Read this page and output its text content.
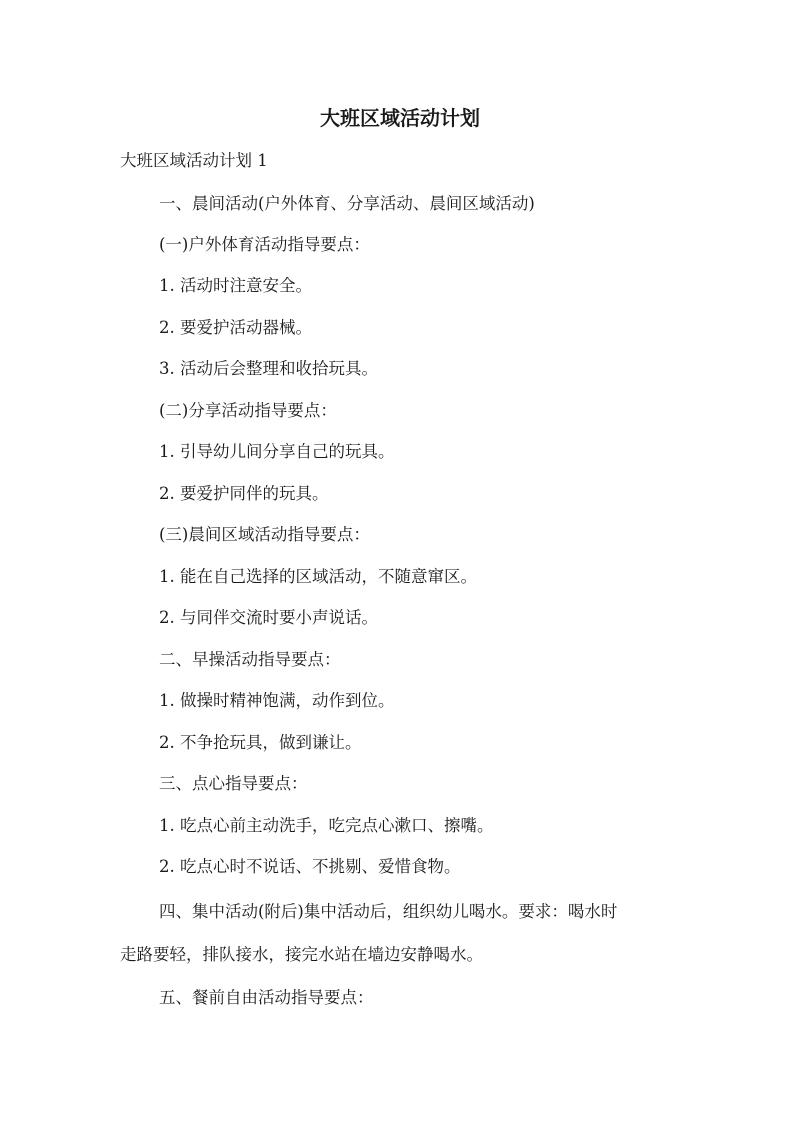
大班区域活动计划

大班区域活动计划 1

一、晨间活动(户外体育、分享活动、晨间区域活动)

(一)户外体育活动指导要点：

1. 活动时注意安全。

2. 要爱护活动器械。

3. 活动后会整理和收拾玩具。

(二)分享活动指导要点：

1. 引导幼儿间分享自己的玩具。

2. 要爱护同伴的玩具。

(三)晨间区域活动指导要点：

1. 能在自己选择的区域活动，不随意窜区。

2. 与同伴交流时要小声说话。

二、早操活动指导要点：

1. 做操时精神饱满，动作到位。

2. 不争抢玩具，做到谦让。

三、点心指导要点：

1. 吃点心前主动洗手，吃完点心漱口、擦嘴。

2. 吃点心时不说话、不挑剔、爱惜食物。

四、集中活动(附后)集中活动后，组织幼儿喝水。要求：喝水时

走路要轻，排队接水，接完水站在墙边安静喝水。

五、餐前自由活动指导要点：
